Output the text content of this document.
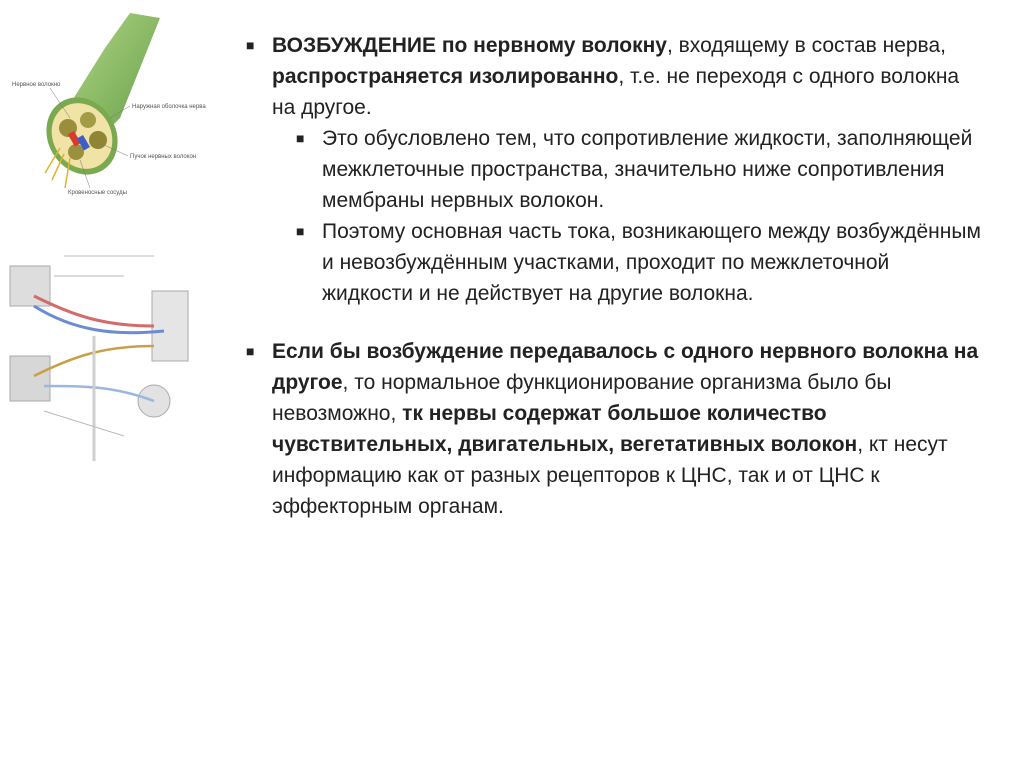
Нервное волокно
Наружная оболочка нерва
Пучок нервных волокон
Кровеносные сосуды

■ ВОЗБУЖДЕНИЕ по нервному волокну, входящему в состав нерва, распространяется изолированно, т.е. не переходя с одного волокна на другое.

■ Это обусловлено тем, что сопротивление жидкости, заполняющей межклеточные пространства, значительно ниже сопротивления мембраны нервных волокон.

■ Поэтому основная часть тока, возникающего между возбуждённым и невозбуждённым участками, проходит по межклеточной жидкости и не действует на другие волокна.

■ Если бы возбуждение передавалось с одного нервного волокна на другое, то нормальное функционирование организма было бы невозможно, тк нервы содержат большое количество чувствительных, двигательных, вегетативных волокон, кт несут информацию как от разных рецепторов к ЦНС, так и от ЦНС к эффекторным органам.
